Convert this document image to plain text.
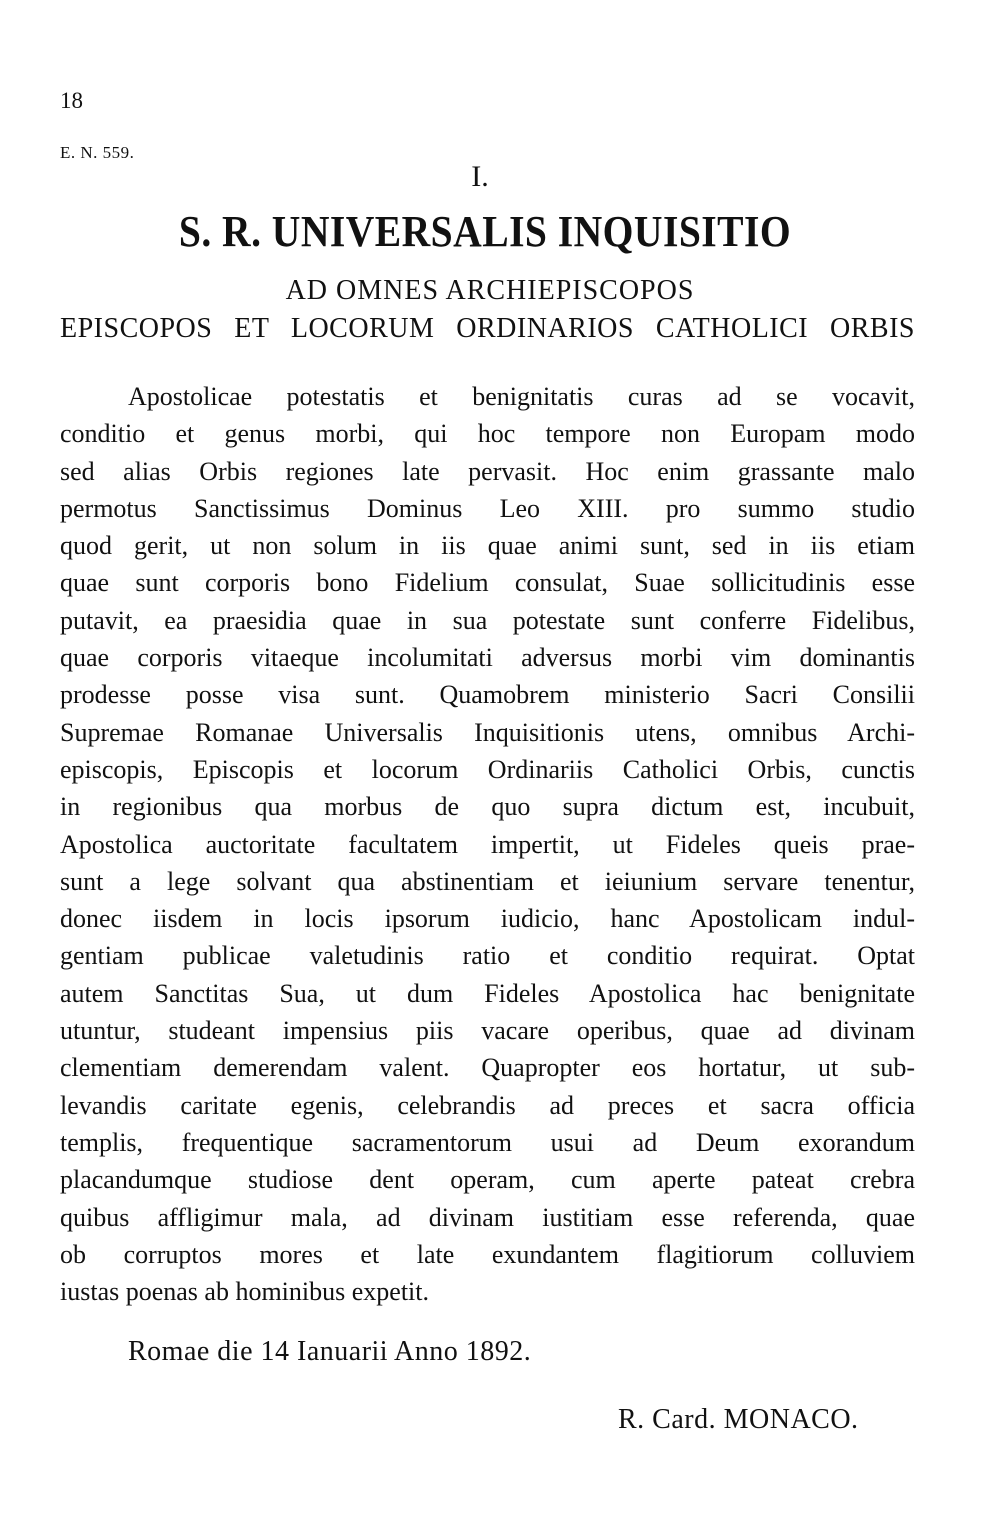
18
E. N. 559.
I.
S. R. UNIVERSALIS INQUISITIO
AD OMNES ARCHIEPISCOPOS
EPISCOPOS ET LOCORUM ORDINARIOS CATHOLICI ORBIS
Apostolicae potestatis et benignitatis curas ad se vocavit,
conditio et genus morbi, qui hoc tempore non Europam modo
sed alias Orbis regiones late pervasit. Hoc enim grassante malo
permotus Sanctissimus Dominus Leo XIII. pro summo studio
quod gerit, ut non solum in iis quae animi sunt, sed in iis etiam
quae sunt corporis bono Fidelium consulat, Suae sollicitudinis esse
putavit, ea praesidia quae in sua potestate sunt conferre Fidelibus,
quae corporis vitaeque incolumitati adversus morbi vim dominantis
prodesse posse visa sunt. Quamobrem ministerio Sacri Consilii
Supremae Romanae Universalis Inquisitionis utens, omnibus Archi-
episcopis, Episcopis et locorum Ordinariis Catholici Orbis, cunctis
in regionibus qua morbus de quo supra dictum est, incubuit,
Apostolica auctoritate facultatem impertit, ut Fideles queis prae-
sunt a lege solvant qua abstinentiam et ieiunium servare tenentur,
donec iisdem in locis ipsorum iudicio, hanc Apostolicam indul-
gentiam publicae valetudinis ratio et conditio requirat. Optat
autem Sanctitas Sua, ut dum Fideles Apostolica hac benignitate
utuntur, studeant impensius piis vacare operibus, quae ad divinam
clementiam demerendam valent. Quapropter eos hortatur, ut sub-
levandis caritate egenis, celebrandis ad preces et sacra officia
templis, frequentique sacramentorum usui ad Deum exorandum
placandumque studiose dent operam, cum aperte pateat crebra
quibus affligimur mala, ad divinam iustitiam esse referenda, quae
ob corruptos mores et late exundantem flagitiorum colluviem
iustas poenas ab hominibus expetit.
Romae die 14 Ianuarii Anno 1892.
R. Card. MONACO.
